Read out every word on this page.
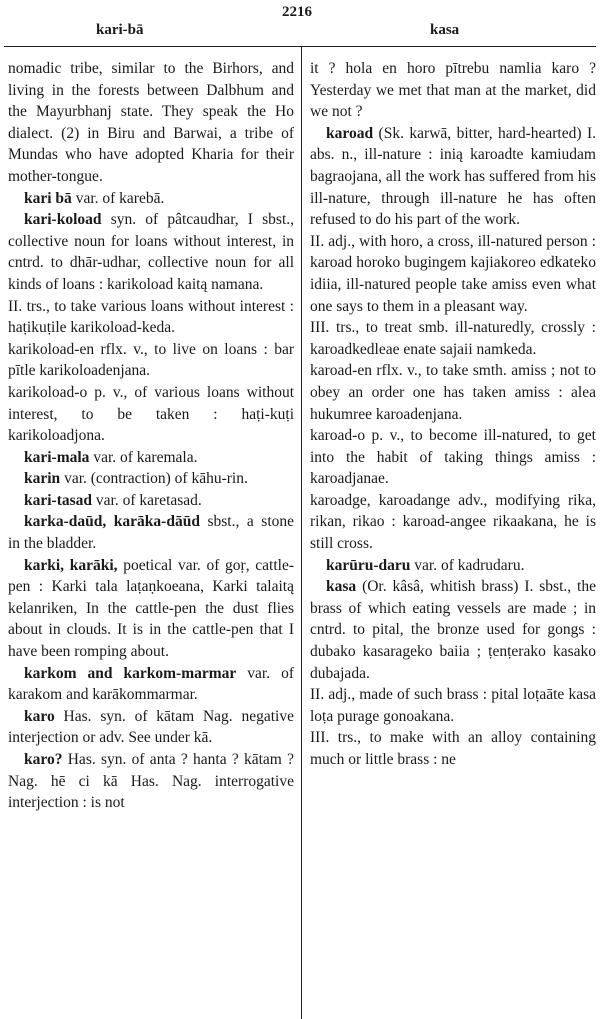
kari-bā
2216
kasa

nomadic tribe, similar to the Birhors, and living in the forests between Dalbhum and the Mayurbhanj state. They speak the Ho dialect. (2) in Biru and Barwai, a tribe of Mundas who have adopted Kharia for their mother-tongue.

kari bā var. of karebā.

kari-koload syn. of pâtcaudhar, I sbst., collective noun for loans without interest, in cntrd. to dhār-udhar, collective noun for all kinds of loans : karikoload kaitą namana.

II. trs., to take various loans without interest : haṭikuṭile karikoload-keda.

karikoload-en rflx. v., to live on loans : bar pītle karikoloadenjana.

karikoload-o p. v., of various loans without interest, to be taken : haṭi-kuṭi karikoloadjona.

kari-mala var. of karemala.

karin var. (contraction) of kāhu-rin.

kari-tasad var. of karetasad.

karka-daūd, karāka-dāūd sbst., a stone in the bladder.

karki, karāki, poetical var. of goṛ, cattle-pen : Karki tala laṭaṇkoeana, Karki talaitą kelanriken, In the cattle-pen the dust flies about in clouds. It is in the cattle-pen that I have been romping about.

karkom and karkom-marmar var. of karakom and karākommarmar.

karo Has. syn. of kātam Nag. negative interjection or adv. See under kā.

karo? Has. syn. of anta ? hanta ? kātam ? Nag. hē ci kā Has. Nag. interrogative interjection : is not

it ? hola en horo pītrebu namlia karo ? Yesterday we met that man at the market, did we not ?

karoad (Sk. karwā, bitter, hard-hearted) I. abs. n., ill-nature : inią karoadte kamiudam bagraojana, all the work has suffered from his ill-nature, through ill-nature he has often refused to do his part of the work.

II. adj., with horo, a cross, ill-natured person : karoad horoko bugingem kajiakoreo edkateko idiia, ill-natured people take amiss even what one says to them in a pleasant way.

III. trs., to treat smb. ill-naturedly, crossly : karoadkedleae enate sajaii namkeda.

karoad-en rflx. v., to take smth. amiss ; not to obey an order one has taken amiss : alea hukumree karoadenjana.

karoad-o p. v., to become ill-natured, to get into the habit of taking things amiss : karoadjanae.

karoadge, karoadange adv., modifying rika, rikan, rikao : karoad-angee rikaakana, he is still cross.

karūru-daru var. of kadrudaru.

kasa (Or. kâsâ, whitish brass) I. sbst., the brass of which eating vessels are made ; in cntrd. to pital, the bronze used for gongs : dubako kasarageko baiia ; ṭenṭerako kasako dubajada.

II. adj., made of such brass : pital loṭaāte kasa loṭa purage gonoakana.

III. trs., to make with an alloy containing much or little brass : ne
